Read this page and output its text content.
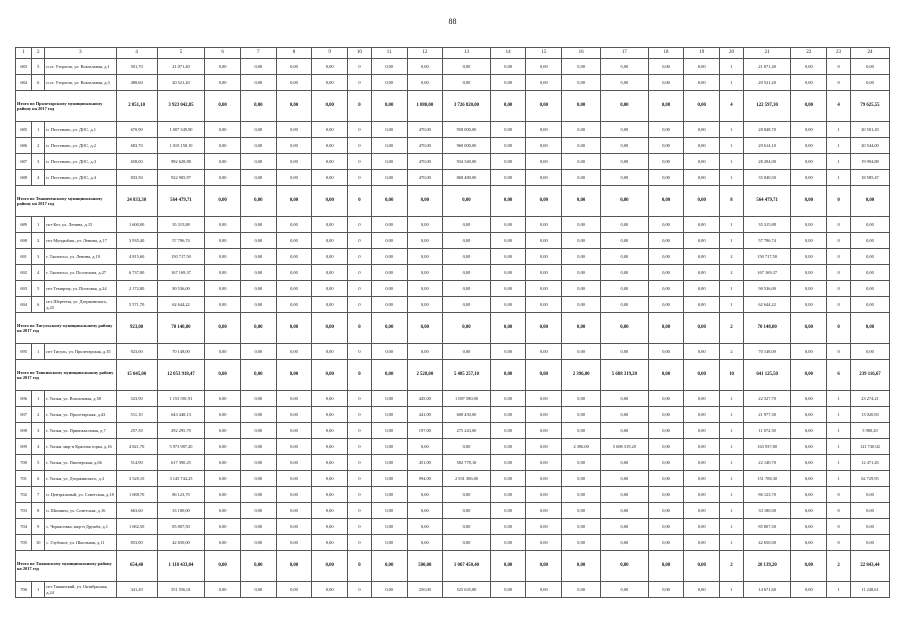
88
1	2	3	4	5	6	7	8	9	10	11	12	13	14	15	16	17	18	19	20	21	22	23	24
683	5	п.ст. Уторгош, ул. Вокзальная, д.1	501,70	21 071,40	0,00	0,00	0,00	0,00	0	0,00	0,00	0,00	0,00	0,00	0,00	0,00	0,00	0,00	1	21 071,40	0,00	0	0,00
684	6	п.ст. Уторгош, ул. Вокзальная, д.3	488,60	20 521,20	0,00	0,00	0,00	0,00	0	0,00	0,00	0,00	0,00	0,00	0,00	0,00	0,00	0,00	1	20 521,20	0,00	0	0,00
Итого по Пролетарскому муниципальному району на 2017 год			2 851,10	3 923 042,85	0,00	0,00	0,00	0,00	0	0,00	1 880,00	3 726 820,00	0,00	0,00	0,00	0,00	0,00	0,00	4	122 597,30	0,00	4	79 625,55
685	1	п. Пестовово, ул. ДОС, д.1	670,90	1 007 349,90	0,00	0,00	0,00	0,00	0	0,00	470,00	958 000,00	0,00	0,00	0,00	0,00	0,00	0,00	1	28 848,70	0,00	1	20 501,20
686	2	п. Пестовово, ул. ДОС, д.2	683,70	1 010 158,10	0,00	0,00	0,00	0,00	0	0,00	470,00	960 000,00	0,00	0,00	0,00	0,00	0,00	0,00	1	29 614,10	0,00	1	20 544,00
687	3	п. Пестовово, ул. ДОС, д.3	658,00	982 628,88	0,00	0,00	0,00	0,00	0	0,00	470,00	934 340,00	0,00	0,00	0,00	0,00	0,00	0,00	1	28 294,00	0,00	1	19 994,88
688	4	п. Пестовово, ул. ДОС, д.4	833,50	922 905,97	0,00	0,00	0,00	0,00	0	0,00	470,00	868 480,00	0,00	0,00	0,00	0,00	0,00	0,00	1	35 840,50	0,00	1	18 585,47
Итого по Тваниченскому муниципальному району на 2017 год			24 833,30	564 479,71	0,00	0,00	0,00	0,00	0	0,00	0,00	0,00	0,00	0,00	0,00	0,00	0,00	0,00	8	564 479,71	0,00	0	0,00
689	1	пгт Кез, ул. Ленина, д.15	1 600,00	35 315,88	0,00	0,00	0,00	0,00	0	0,00	0,00	0,00	0,00	0,00	0,00	0,00	0,00	0,00	1	35 315,88	0,00	0	0,00
690	2	пгт Мундыбаш, ул. Ленина, д.17	3 935,40	57 796,74	0,00	0,00	0,00	0,00	0	0,00	0,00	0,00	0,00	0,00	0,00	0,00	0,00	0,00	1	57 796,74	0,00	0	0,00
691	3	г. Таштагол, ул. Ленина, д.19	4 815,60	150 717,50	0,00	0,00	0,00	0,00	0	0,00	0,00	0,00	0,00	0,00	0,00	0,00	0,00	0,00	2	150 717,50	0,00	0	0,00
692	4	г. Таштагол, ул. Поспелова, д.27	6 737,80	167 169,37	0,00	0,00	0,00	0,00	0	0,00	0,00	0,00	0,00	0,00	0,00	0,00	0,00	0,00	2	167 169,37	0,00	0	0,00
693	5	пгт Темиртау, ул. Почтовая, д.24	2 172,80	90 536,00	0,00	0,00	0,00	0,00	0	0,00	0,00	0,00	0,00	0,00	0,00	0,00	0,00	0,00	1	90 536,00	0,00	0	0,00
694	6	пгт Шерегеш, ул. Дзержинского, д.25	5 571,70	62 644,22	0,00	0,00	0,00	0,00	0	0,00	0,00	0,00	0,00	0,00	0,00	0,00	0,00	0,00	1	62 644,22	0,00	0	0,00
Итого по Тисульскому муниципальному району на 2017 год			923,00	70 148,00	0,00	0,00	0,00	0,00	0	0,00	0,00	0,00	0,00	0,00	0,00	0,00	0,00	0,00	2	70 148,00	0,00	0	0,00
695	1	пгт Тисуль, ул. Пролетарская, д.35	923,00	70 148,00	0,00	0,00	0,00	0,00	0	0,00	0,00	0,00	0,00	0,00	0,00	0,00	0,00	0,00	2	70 148,00	0,00	0	0,00
Итого по Топкинскому муниципальному району на 2017 год			15 045,00	12 053 918,47	0,00	0,00	0,00	0,00	0	0,00	2 528,00	5 485 257,10	0,00	0,00	2 396,00	5 688 319,20	0,00	0,00	10	641 125,50	0,00	6	239 116,67
696	1	г. Топки, ул. Вокзальная, д.58	523,90	1 153 581,91	0,00	0,00	0,00	0,00	0	0,00	445,00	1 087 580,00	0,00	0,00	0,00	0,00	0,00	0,00	1	22 527,70	0,00	1	23 274,21
697	2	г. Топки, ул. Пролетарская, д.43	511,10	643 448,13	0,00	0,00	0,00	0,00	0	0,00	441,00	608 450,00	0,00	0,00	0,00	0,00	0,00	0,00	1	21 977,30	0,00	1	13 020,83
698	3	г. Топки, ул. Привокзальная, д.7	257,50	292 295,70	0,00	0,00	0,00	0,00	0	0,00	197,00	275 243,00	0,00	0,00	0,00	0,00	0,00	0,00	1	11 072,50	0,00	1	5 980,20
699	4	г. Топки, мкр-н Красная горка, д.16	4 821,70	5 973 987,20	0,00	0,00	0,00	0,00	0	0,00	0,00	0,00	0,00	0,00	2 396,00	5 688 319,20	0,00	0,00	1	163 937,80	0,00	1	121 730,02
700	5	г. Топки, ул. Пионерская, д.66	514,90	617 390,25	0,00	0,00	0,00	0,00	0	0,00	451,00	582 778,10	0,00	0,00	0,00	0,00	0,00	0,00	1	22 140,70	0,00	1	12 471,45
701	6	г. Топки, ул. Дзержинского, д.3	3 528,10	3 145 744,25	0,00	0,00	0,00	0,00	0	0,00	994,00	2 931 306,00	0,00	0,00	0,00	0,00	0,00	0,00	1	151 708,30	0,00	1	62 729,95
702	7	п. Центральный, ул. Советская, д.18	1 688,70	86 123,70	0,00	0,00	0,00	0,00	0	0,00	0,00	0,00	0,00	0,00	0,00	0,00	0,00	0,00	1	86 123,70	0,00	0	0,00
703	8	п. Шишино, ул. Советская, д.16	663,60	33 180,00	0,00	0,00	0,00	0,00	0	0,00	0,00	0,00	0,00	0,00	0,00	0,00	0,00	0,00	1	33 180,00	0,00	0	0,00
704	9	с. Черкасовка, мкр-н Дружба, д.1	1 682,50	85 807,50	0,00	0,00	0,00	0,00	0	0,00	0,00	0,00	0,00	0,00	0,00	0,00	0,00	0,00	1	85 807,50	0,00	0	0,00
705	10	с. Глубокое, ул. Школьная, д.11	853,00	42 650,00	0,00	0,00	0,00	0,00	0	0,00	0,00	0,00	0,00	0,00	0,00	0,00	0,00	0,00	1	42 650,00	0,00	0	0,00
Итого по Тяжинскому муниципальному району на 2017 год			654,40	1 118 433,04	0,00	0,00	0,00	0,00	0	0,00	500,00	1 067 450,40	0,00	0,00	0,00	0,00	0,00	0,00	2	28 139,20	0,00	2	22 843,44
706	1	пгт Тяжинский, ул. Октябрьская, д.24	341,20	551 556,01	0,00	0,00	0,00	0,00	0	0,00	250,00	525 635,80	0,00	0,00	0,00	0,00	0,00	0,00	1	14 671,60	0,00	1	11 248,61
